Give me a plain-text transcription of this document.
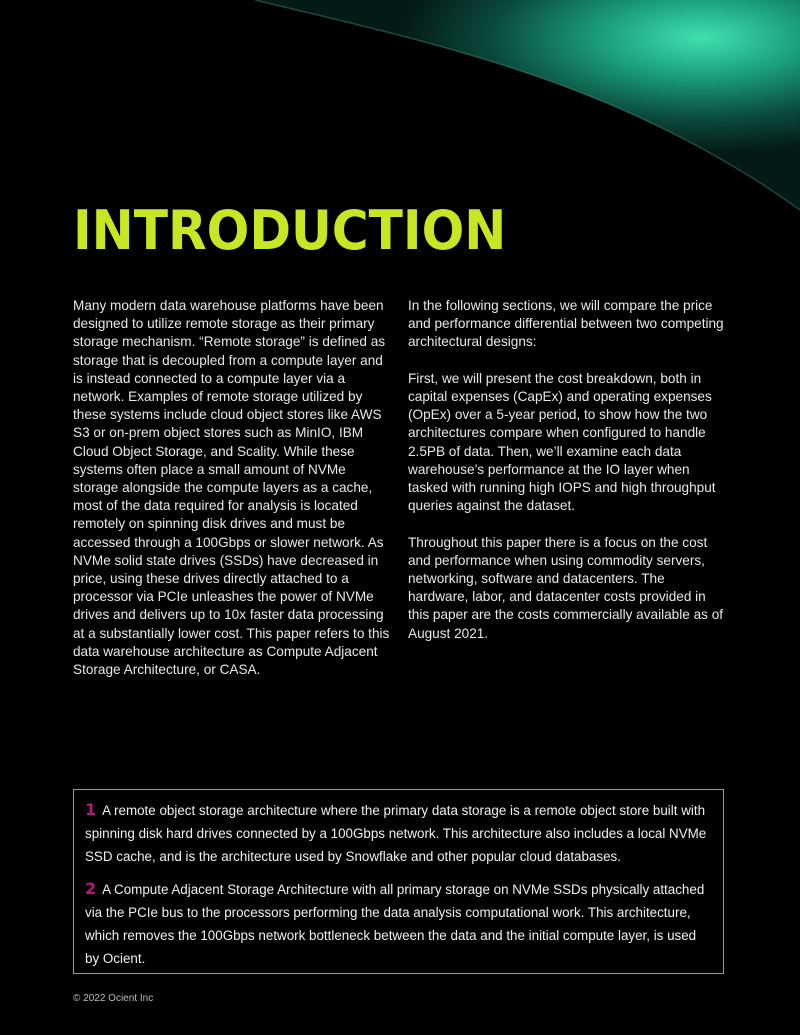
INTRODUCTION

Many modern data warehouse platforms have been designed to utilize remote storage as their primary storage mechanism. “Remote storage” is defined as storage that is decoupled from a compute layer and is instead connected to a compute layer via a network. Examples of remote storage utilized by these systems include cloud object stores like AWS S3 or on-prem object stores such as MinIO, IBM Cloud Object Storage, and Scality. While these systems often place a small amount of NVMe storage alongside the compute layers as a cache, most of the data required for analysis is located remotely on spinning disk drives and must be accessed through a 100Gbps or slower network. As NVMe solid state drives (SSDs) have decreased in price, using these drives directly attached to a processor via PCIe unleashes the power of NVMe drives and delivers up to 10x faster data processing at a substantially lower cost. This paper refers to this data warehouse architecture as Compute Adjacent Storage Architecture, or CASA.

In the following sections, we will compare the price and performance differential between two competing architectural designs:

First, we will present the cost breakdown, both in capital expenses (CapEx) and operating expenses (OpEx) over a 5-year period, to show how the two architectures compare when configured to handle 2.5PB of data. Then, we’ll examine each data warehouse’s performance at the IO layer when tasked with running high IOPS and high throughput queries against the dataset.

Throughout this paper there is a focus on the cost and performance when using commodity servers, networking, software and datacenters. The hardware, labor, and datacenter costs provided in this paper are the costs commercially available as of August 2021.

1 A remote object storage architecture where the primary data storage is a remote object store built with spinning disk hard drives connected by a 100Gbps network. This architecture also includes a local NVMe SSD cache, and is the architecture used by Snowflake and other popular cloud databases.

2 A Compute Adjacent Storage Architecture with all primary storage on NVMe SSDs physically attached via the PCIe bus to the processors performing the data analysis computational work. This architecture, which removes the 100Gbps network bottleneck between the data and the initial compute layer, is used by Ocient.

© 2022 Ocient Inc
